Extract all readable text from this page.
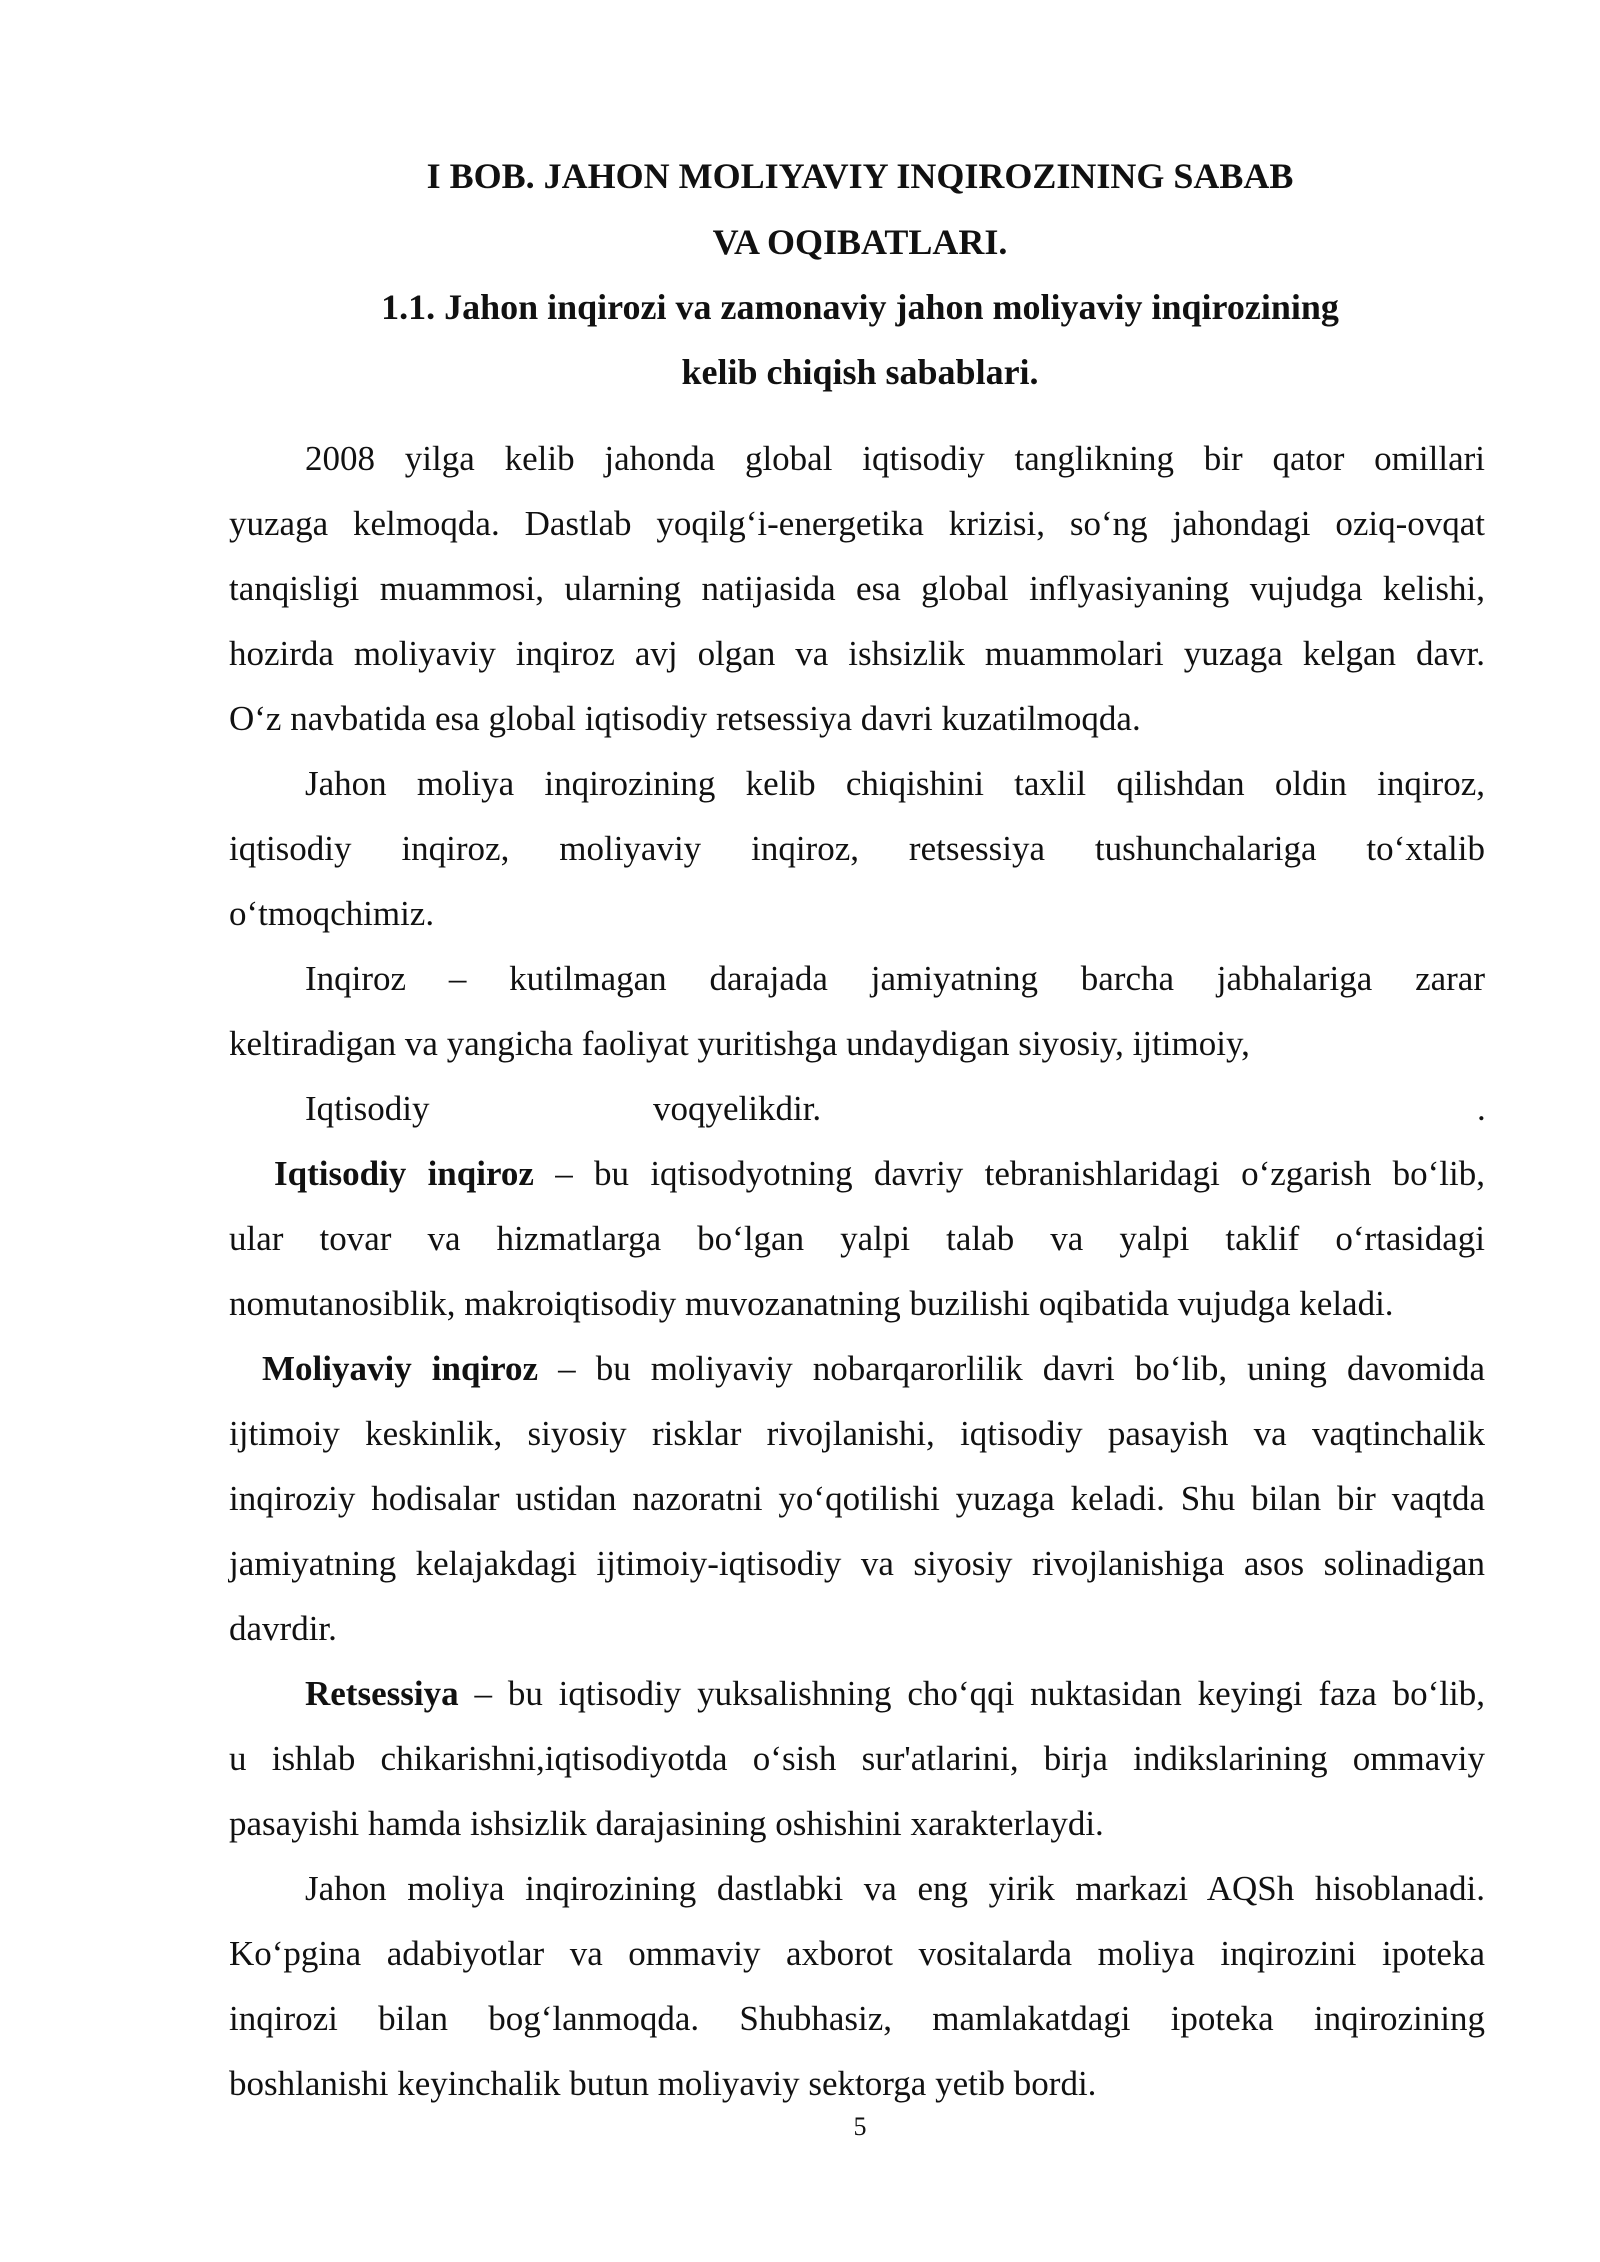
I BOB. JAHON MOLIYAVIY INQIROZINING SABAB
VA OQIBATLARI.
1.1. Jahon inqirozi va zamonaviy jahon moliyaviy inqirozining
kelib chiqish sabablari.
2008 yilga kelib jahonda global iqtisodiy tanglikning bir qator omillari
yuzaga kelmoqda. Dastlab yoqilg‘i-energetika krizisi, so‘ng jahondagi oziq-ovqat
tanqisligi muammosi, ularning natijasida esa global inflyasiyaning vujudga kelishi,
hozirda moliyaviy inqiroz avj olgan va ishsizlik muammolari yuzaga kelgan davr.
O‘z navbatida esa global iqtisodiy retsessiya davri kuzatilmoqda.
Jahon moliya inqirozining kelib chiqishini taxlil qilishdan oldin inqiroz,
iqtisodiy inqiroz, moliyaviy inqiroz, retsessiya tushunchalariga to‘xtalib
o‘tmoqchimiz.
Inqiroz – kutilmagan darajada jamiyatning barcha jabhalariga zarar
keltiradigan va yangicha faoliyat yuritishga undaydigan siyosiy, ijtimoiy,
Iqtisodiy	voqyelikdir.	.
Iqtisodiy inqiroz – bu iqtisodyotning davriy tebranishlaridagi o‘zgarish bo‘lib,
ular tovar va hizmatlarga bo‘lgan yalpi talab va yalpi taklif o‘rtasidagi
nomutanosiblik, makroiqtisodiy muvozanatning buzilishi oqibatida vujudga keladi.
Moliyaviy inqiroz – bu moliyaviy nobarqarorlilik davri bo‘lib, uning davomida
ijtimoiy keskinlik, siyosiy risklar rivojlanishi, iqtisodiy pasayish va vaqtinchalik
inqiroziy hodisalar ustidan nazoratni yo‘qotilishi yuzaga keladi. Shu bilan bir vaqtda
jamiyatning kelajakdagi ijtimoiy-iqtisodiy va siyosiy rivojlanishiga asos solinadigan
davrdir.
Retsessiya – bu iqtisodiy yuksalishning cho‘qqi nuktasidan keyingi faza bo‘lib,
u ishlab chikarishni,iqtisodiyotda o‘sish sur'atlarini, birja indikslarining ommaviy
pasayishi hamda ishsizlik darajasining oshishini xarakterlaydi.
Jahon moliya inqirozining dastlabki va eng yirik markazi AQSh hisoblanadi.
Ko‘pgina adabiyotlar va ommaviy axborot vositalarda moliya inqirozini ipoteka
inqirozi bilan bog‘lanmoqda. Shubhasiz, mamlakatdagi ipoteka inqirozining
boshlanishi keyinchalik butun moliyaviy sektorga yetib bordi.
5
